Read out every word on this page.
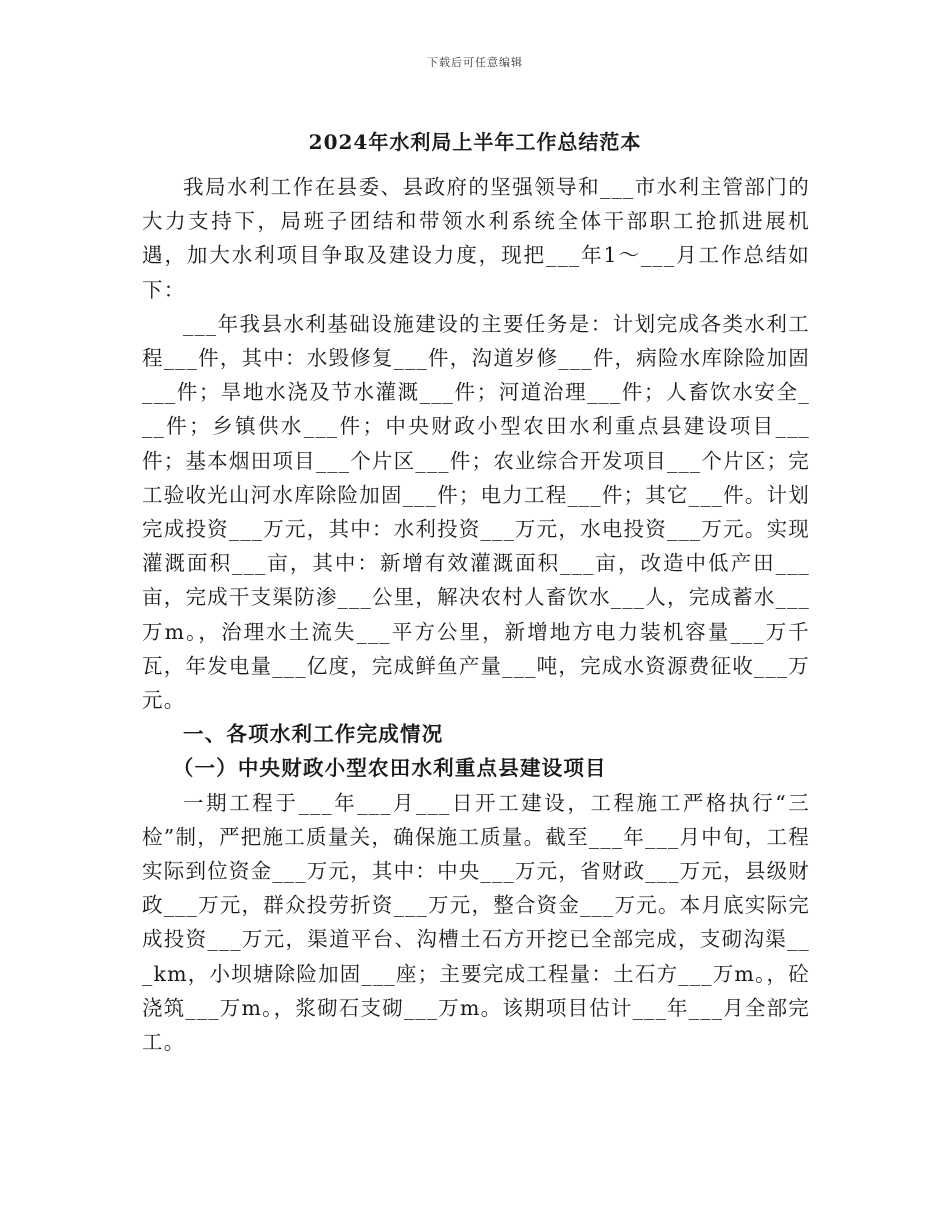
下载后可任意编辑
2024年水利局上半年工作总结范本

我局水利工作在县委、县政府的坚强领导和___市水利主管部门的大力支持下，局班子团结和带领水利系统全体干部职工抢抓进展机遇，加大水利项目争取及建设力度，现把___年1～___月工作总结如下：

___年我县水利基础设施建设的主要任务是：计划完成各类水利工程___件，其中：水毁修复___件，沟道岁修___件，病险水库除险加固___件；旱地水浇及节水灌溉___件；河道治理___件；人畜饮水安全___件；乡镇供水___件；中央财政小型农田水利重点县建设项目___件；基本烟田项目___个片区___件；农业综合开发项目___个片区；完工验收光山河水库除险加固___件；电力工程___件；其它___件。计划完成投资___万元，其中：水利投资___万元，水电投资___万元。实现灌溉面积___亩，其中：新增有效灌溉面积___亩，改造中低产田___亩，完成干支渠防渗___公里，解决农村人畜饮水___人，完成蓄水___万m。，治理水土流失___平方公里，新增地方电力装机容量___万千瓦，年发电量___亿度，完成鲜鱼产量___吨，完成水资源费征收___万元。

一、各项水利工作完成情况

（一）中央财政小型农田水利重点县建设项目

一期工程于___年___月___日开工建设，工程施工严格执行“三检”制，严把施工质量关，确保施工质量。截至___年___月中旬，工程实际到位资金___万元，其中：中央___万元，省财政___万元，县级财政___万元，群众投劳折资___万元，整合资金___万元。本月底实际完成投资___万元，渠道平台、沟槽土石方开挖已全部完成，支砌沟渠___km，小坝塘除险加固___座；主要完成工程量：土石方___万m。，砼浇筑___万m。，浆砌石支砌___万m。该期项目估计___年___月全部完工。
